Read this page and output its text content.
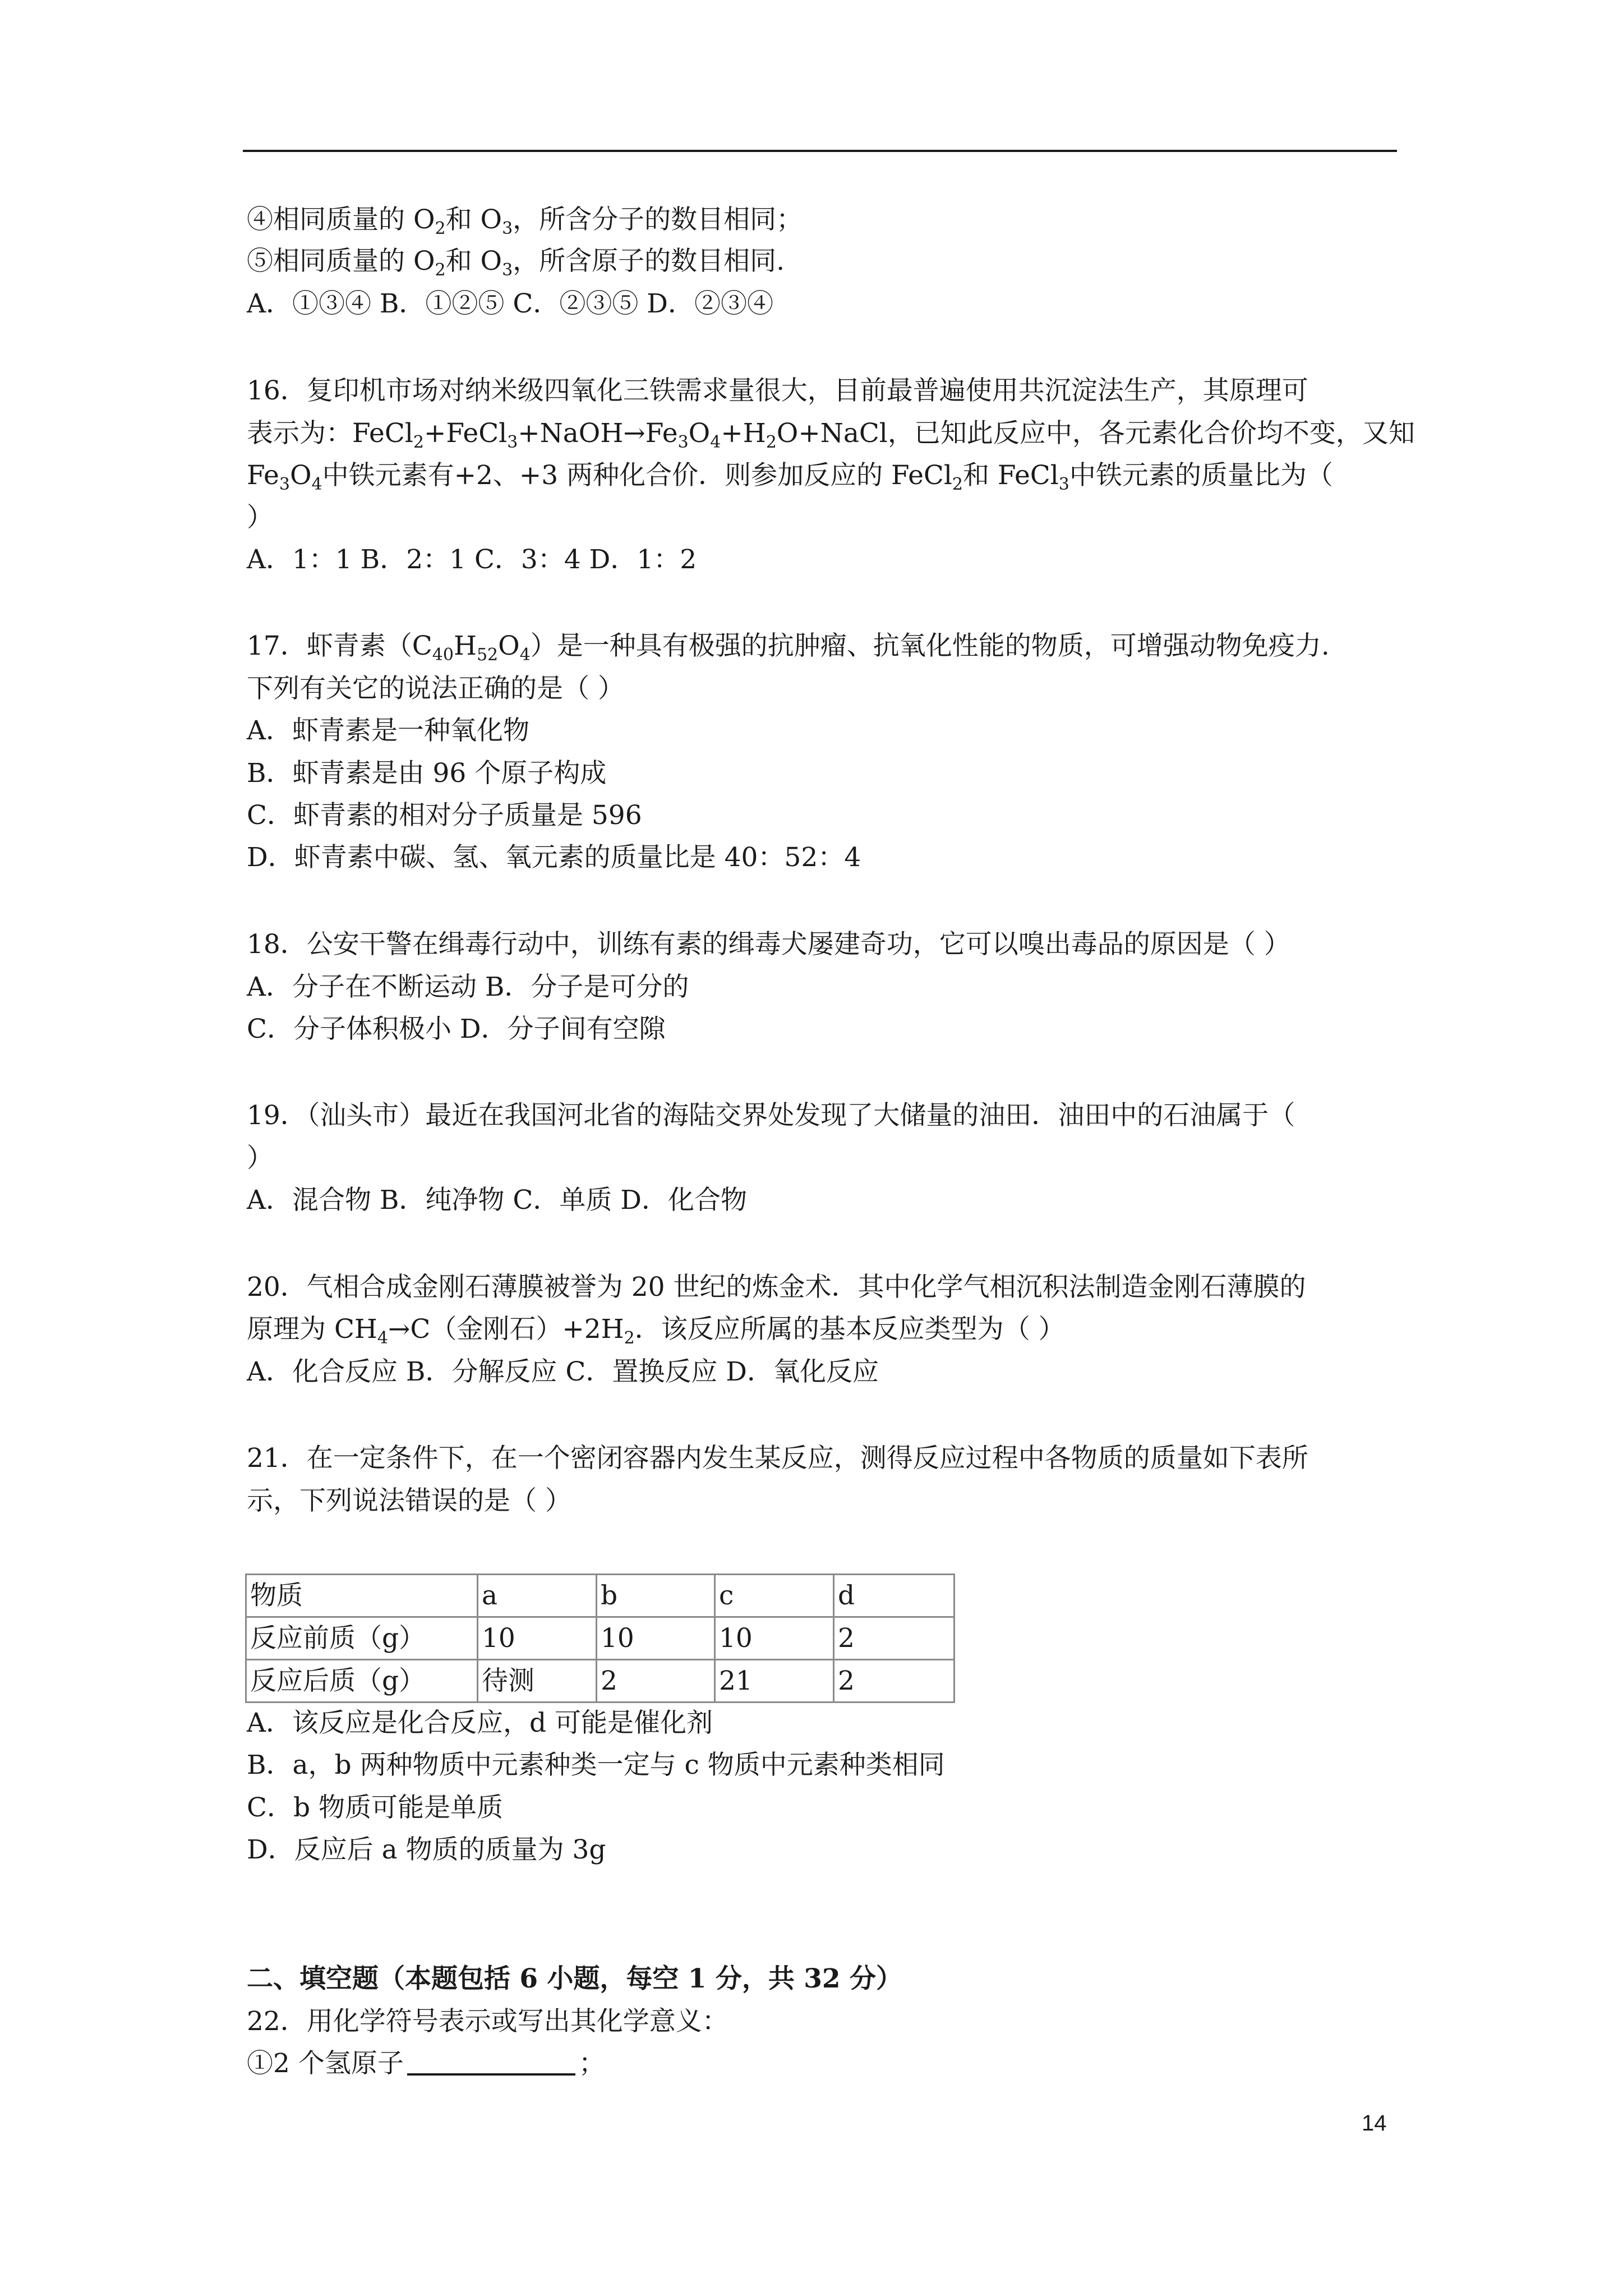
④相同质量的 $O_2$和 $O_3$，所含分子的数目相同；
⑤相同质量的 $O_2$和 $O_3$，所含原子的数目相同.
A．①③④ B．①②⑤ C．②③⑤ D．②③④
16．复印机市场对纳米级四氧化三铁需求量很大，目前最普遍使用共沉淀法生产，其原理可
表示为：$FeCl_2+FeCl_3+NaOH\to Fe_3O_4+H_2O+NaCl$，已知此反应中，各元素化合价均不变，又知
$Fe_3O_4$中铁元素有+2、+3 两种化合价．则参加反应的 FeCl$_2$和 FeCl$_3$中铁元素的质量比为（
）
A．1：1 B．2：1 C．3：4 D．1：2
17．虾青素$(C_{40}H_{52}O_4)$是一种具有极强的抗肿瘤、抗氧化性能的物质，可增强动物免疫力.
下列有关它的说法正确的是（ ）
A．虾青素是一种氧化物
B．虾青素是由 96 个原子构成
C．虾青素的相对分子质量是 596
D．虾青素中碳、氢、氧元素的质量比是 40：52：4
18．公安干警在缉毒行动中，训练有素的缉毒犬屡建奇功，它可以嗅出毒品的原因是（ ）
A．分子在不断运动 B．分子是可分的
C．分子体积极小 D．分子间有空隙
19．（汕头市）最近在我国河北省的海陆交界处发现了大储量的油田．油田中的石油属于（
）
A．混合物 B．纯净物 C．单质 D．化合物
20．气相合成金刚石薄膜被誉为 20 世纪的炼金术．其中化学气相沉积法制造金刚石薄膜的
原理为 $CH_4\to C$（金刚石）$+2H_2$．该反应所属的基本反应类型为（ ）
A．化合反应 B．分解反应 C．置换反应 D．氧化反应
21．在一定条件下，在一个密闭容器内发生某反应，测得反应过程中各物质的质量如下表所
示，下列说法错误的是（ ）
物质	a	b	c	d
反应前质（g）	10	10	10	2
反应后质（g）	待测	2	21	2
A．该反应是化合反应，d 可能是催化剂
B．a，b 两种物质中元素种类一定与 c 物质中元素种类相同
C．b 物质可能是单质
D．反应后 a 物质的质量为 3g
二、填空题（本题包括 6 小题，每空 1 分，共 32 分）
22．用化学符号表示或写出其化学意义：
①2 个氢原子	；
14
